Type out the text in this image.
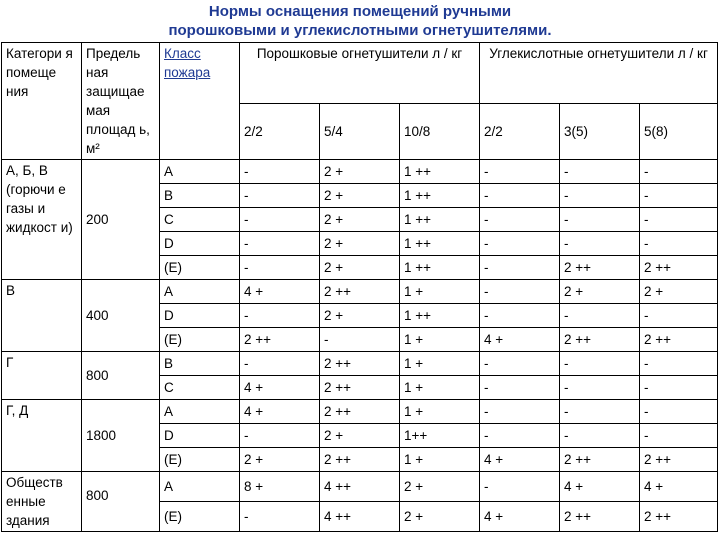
Нормы оснащения помещений ручными
порошковыми и углекислотными огнетушителями.
Категори я помеще ния	Предель ная защищае мая площад ь, м²	Класс пожара	Порошковые огнетушители л / кг			Углекислотные огнетушители л / кг		
			2/2	5/4	10/8	2/2	3(5)	5(8)
А, Б, В (горючи е газы и жидкост и)	200	А	-	2 +	1 ++	-	-	-
		В	-	2 +	1 ++	-	-	-
		С	-	2 +	1 ++	-	-	-
		D	-	2 +	1 ++	-	-	-
		(Е)	-	2 +	1 ++	-	2 ++	2 ++
В	400	А	4 +	2 ++	1 +	-	2 +	2 +
		D	-	2 +	1 ++	-	-	-
		(Е)	2 ++	-	1 +	4 +	2 ++	2 ++
Г	800	В	-	2 ++	1 +	-	-	-
		С	4 +	2 ++	1 +	-	-	-
Г, Д	1800	А	4 +	2 ++	1 +	-	-	-
		D	-	2 +	1++	-	-	-
		(Е)	2 +	2 ++	1 +	4 +	2 ++	2 ++
Обществ енные здания	800	А	8 +	4 ++	2 +	-	4 +	4 +
		(Е)	-	4 ++	2 +	4 +	2 ++	2 ++
